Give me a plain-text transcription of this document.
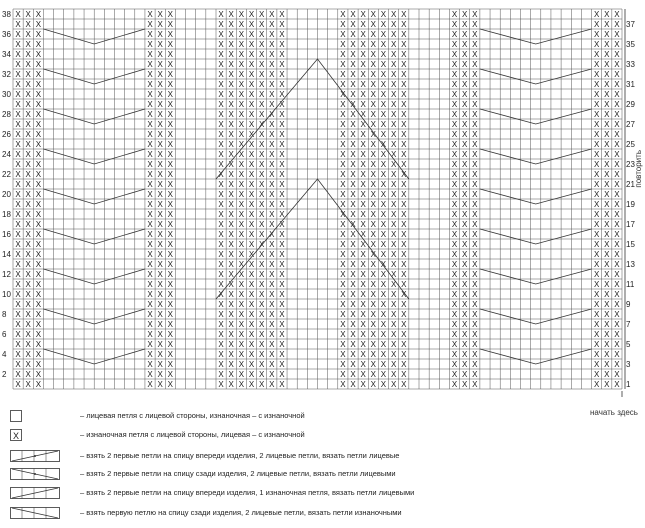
X X X	X X X	X X X X X X X	X X X X X X X	X X X	X X X
X X X	X X X	X X X X X X X	X X X X X X X	X X X	X X X
X X X	X X X	X X X X X X X	X X X X X X X	X X X	X X X
X X X	X X X	X X X X X X X	X X X X X X X	X X X	X X X
X X X	X X X	X X X X X X X	X X X X X X X	X X X	X X X
X X X	X X X	X X X X X X X	X X X X X X X	X X X	X X X
X X X	X X X	X X X X X X X	X X X X X X X	X X X	X X X
X X X	X X X	X X X X X X X	X X X X X X X	X X X	X X X
X X X	X X X	X X X X X X X	X X X X X X X	X X X	X X X
X X X	X X X	X X X X X X X	X X X X X X X	X X X	X X X
X X X	X X X	X X X X X X X	X X X X X X X	X X X	X X X
X X X	X X X	X X X X X X X	X X X X X X X	X X X	X X X
X X X	X X X	X X X X X X X	X X X X X X X	X X X	X X X
X X X	X X X	X X X X X X X	X X X X X X X	X X X	X X X
X X X	X X X	X X X X X X X	X X X X X X X	X X X	X X X
X X X	X X X	X X X X X X X	X X X X X X X	X X X	X X X
X X X	X X X	X X X X X X X	X X X X X X X	X X X	X X X
X X X	X X X	X X X X X X X	X X X X X X X	X X X	X X X
X X X	X X X	X X X X X X X	X X X X X X X	X X X	X X X
X X X	X X X	X X X X X X X	X X X X X X X	X X X	X X X
X X X	X X X	X X X X X X X	X X X X X X X	X X X	X X X
X X X	X X X	X X X X X X X	X X X X X X X	X X X	X X X
X X X	X X X	X X X X X X X	X X X X X X X	X X X	X X X
X X X	X X X	X X X X X X X	X X X X X X X	X X X	X X X
X X X	X X X	X X X X X X X	X X X X X X X	X X X	X X X
X X X	X X X	X X X X X X X	X X X X X X X	X X X	X X X
X X X	X X X	X X X X X X X	X X X X X X X	X X X	X X X
X X X	X X X	X X X X X X X	X X X X X X X	X X X	X X X
X X X	X X X	X X X X X X X	X X X X X X X	X X X	X X X
X X X	X X X	X X X X X X X	X X X X X X X	X X X	X X X
X X X	X X X	X X X X X X X	X X X X X X X	X X X	X X X
X X X	X X X	X X X X X X X	X X X X X X X	X X X	X X X
X X X	X X X	X X X X X X X	X X X X X X X	X X X	X X X
X X X	X X X	X X X X X X X	X X X X X X X	X X X	X X X
X X X	X X X	X X X X X X X	X X X X X X X	X X X	X X X
X X X	X X X	X X X X X X X	X X X X X X X	X X X	X X X
X X X	X X X	X X X X X X X	X X X X X X X	X X X	X X X
X X X	X X X	X X X X X X X	X X X X X X X	X X X	X X X
2
4
6
8
10
12
14
16
18
20
22
24
26
28
30
32
34
36
38
1
3
5
7
9
11
13
15
17
19
21
23
25
27
29
31
33
35
37
повторить
начать здесь
– лицевая петля с лицевой стороны, изнаночная – с изнаночной
X	– изнаночная петля с лицевой стороны, лицевая – с изнаночной
– взять 2 первые петли на спицу впереди изделия, 2 лицевые петли, вязать петли лицевые
– взять 2 первые петли на спицу сзади изделия, 2 лицевые петли, вязать петли лицевыми
– взять 2 первые петли на спицу впереди изделия, 1 изнаночная петля, вязать петли лицевыми
– взять первую петлю на спицу сзади изделия, 2 лицевые петли, вязать петли изнаночными
